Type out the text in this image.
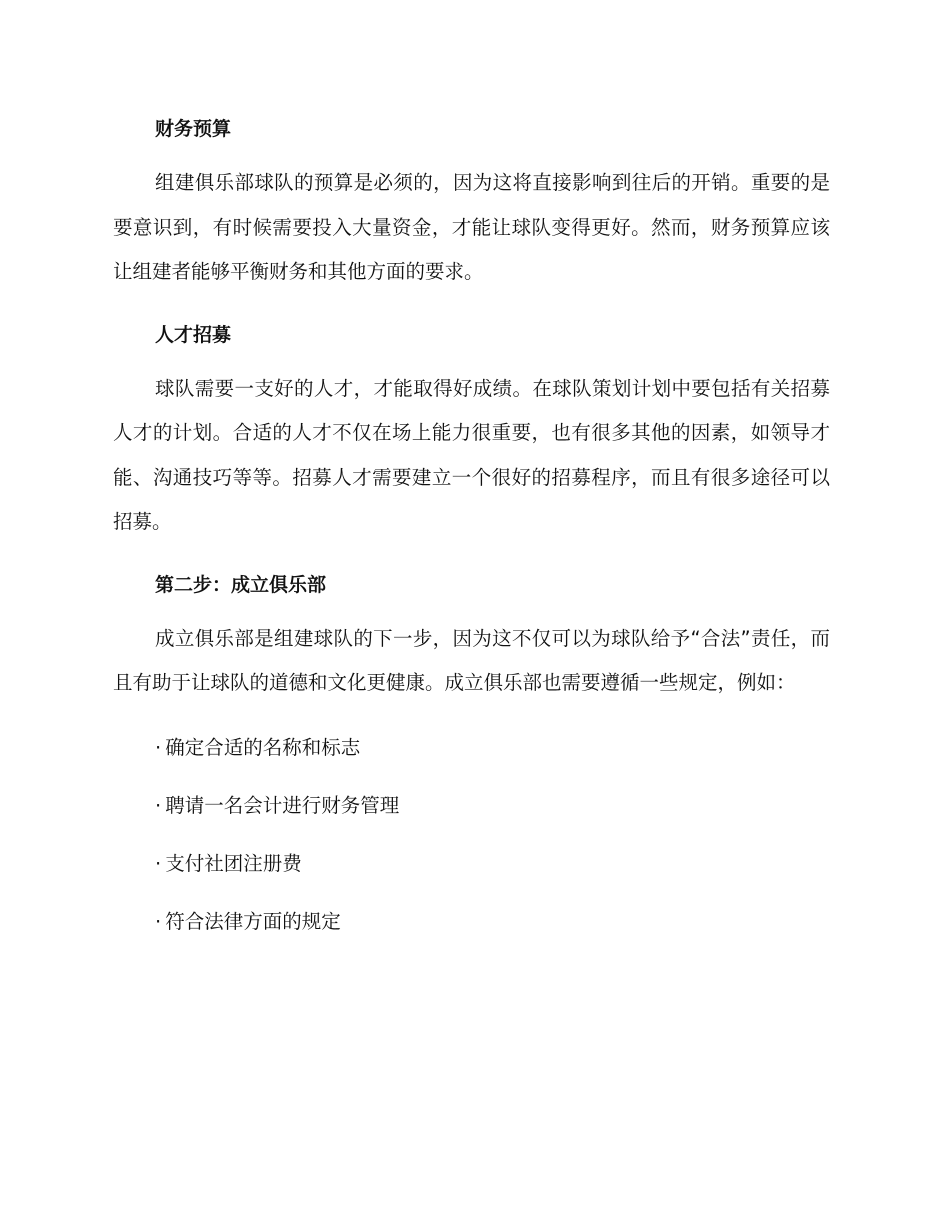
财务预算

组建俱乐部球队的预算是必须的，因为这将直接影响到往后的开销。重要的是要意识到，有时候需要投入大量资金，才能让球队变得更好。然而，财务预算应该让组建者能够平衡财务和其他方面的要求。

人才招募

球队需要一支好的人才，才能取得好成绩。在球队策划计划中要包括有关招募人才的计划。合适的人才不仅在场上能力很重要，也有很多其他的因素，如领导才能、沟通技巧等等。招募人才需要建立一个很好的招募程序，而且有很多途径可以招募。

第二步：成立俱乐部

成立俱乐部是组建球队的下一步，因为这不仅可以为球队给予“合法”责任，而且有助于让球队的道德和文化更健康。成立俱乐部也需要遵循一些规定，例如：

· 确定合适的名称和标志
· 聘请一名会计进行财务管理
· 支付社团注册费
· 符合法律方面的规定
